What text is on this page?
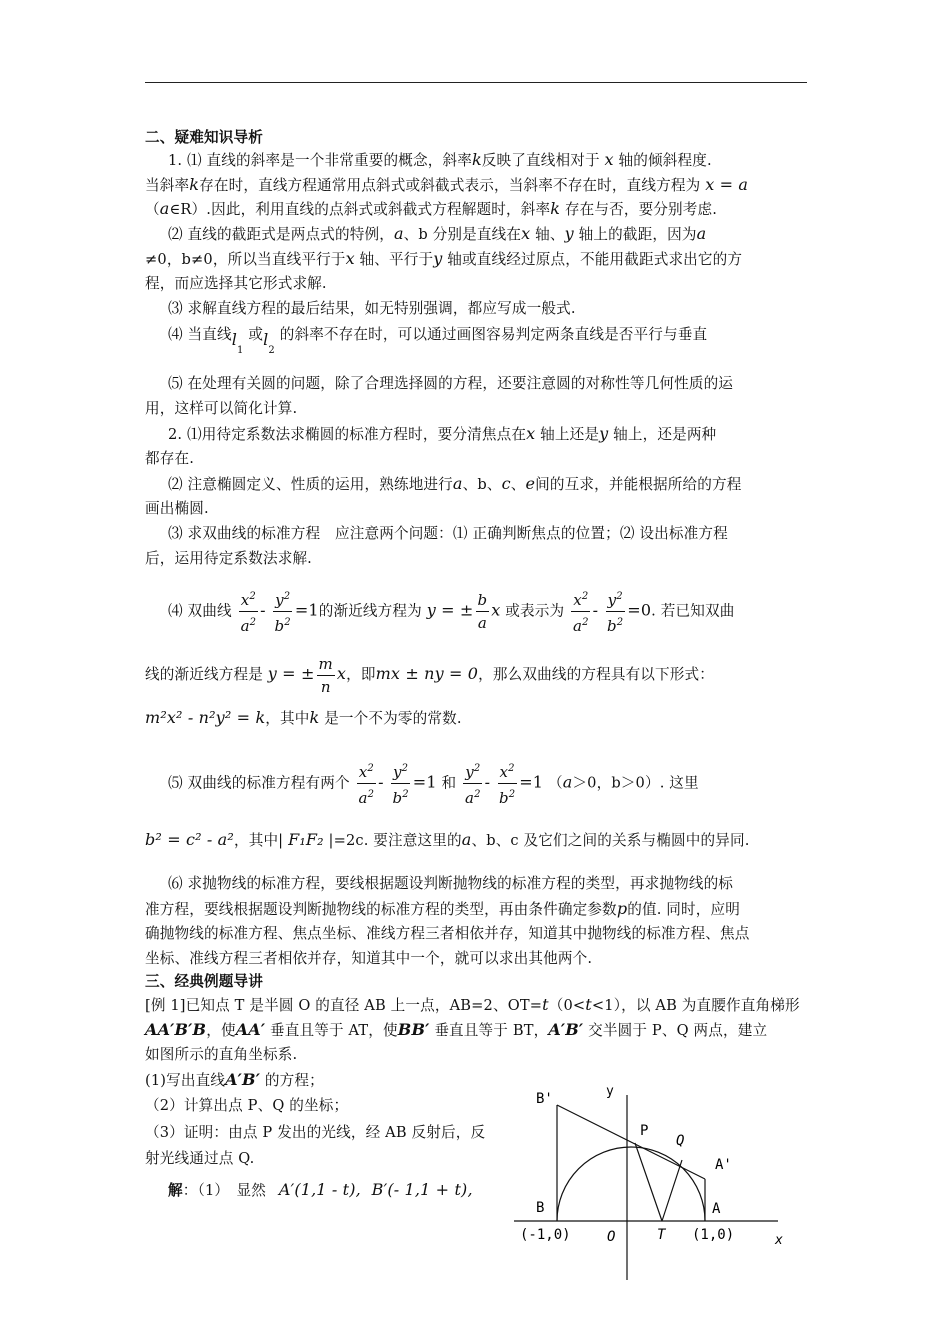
二、疑难知识导析
1. ⑴ 直线的斜率是一个非常重要的概念，斜率k反映了直线相对于 x 轴的倾斜程度.
当斜率k存在时，直线方程通常用点斜式或斜截式表示，当斜率不存在时，直线方程为 x = a
（a∈R）.因此，利用直线的点斜式或斜截式方程解题时，斜率k 存在与否，要分别考虑.
⑵ 直线的截距式是两点式的特例，a、b 分别是直线在x 轴、y 轴上的截距，因为a
≠0，b≠0，所以当直线平行于x 轴、平行于y 轴或直线经过原点，不能用截距式求出它的方
程，而应选择其它形式求解.
⑶ 求解直线方程的最后结果，如无特别强调，都应写成一般式.
⑷ 当直线$l_1$ 或$l_2$ 的斜率不存在时，可以通过画图容易判定两条直线是否平行与垂直
⑸ 在处理有关圆的问题，除了合理选择圆的方程，还要注意圆的对称性等几何性质的运
用，这样可以简化计算.
2. ⑴用待定系数法求椭圆的标准方程时，要分清焦点在x 轴上还是y 轴上，还是两种
都存在.
⑵ 注意椭圆定义、性质的运用，熟练地进行a、b、c、e间的互求，并能根据所给的方程
画出椭圆.
⑶ 求双曲线的标准方程　应注意两个问题：⑴ 正确判断焦点的位置；⑵ 设出标准方程
后，运用待定系数法求解.
⑷ 双曲线 $\frac{x^2}{a^2} - \frac{y^2}{b^2} =1$的渐近线方程为 y = ± $\frac{b}{a}$ x 或表示为 $\frac{x^2}{a^2} - \frac{y^2}{b^2} =0$. 若已知双曲
线的渐近线方程是 y = ± $\frac{m}{n}$ x，即mx ± ny = 0，那么双曲线的方程具有以下形式：
m²x² - n²y² = k，其中k 是一个不为零的常数.
⑸ 双曲线的标准方程有两个 $\frac{x^2}{a^2} - \frac{y^2}{b^2} =1$ 和 $\frac{y^2}{a^2} - \frac{x^2}{b^2} =1$ （a＞0，b＞0）. 这里
b² = c² - a²，其中| F₁F₂ |=2c. 要注意这里的a、b、c 及它们之间的关系与椭圆中的异同.
⑹ 求抛物线的标准方程，要线根据题设判断抛物线的标准方程的类型，再求抛物线的标
准方程，要线根据题设判断抛物线的标准方程的类型，再由条件确定参数p的值. 同时，应明
确抛物线的标准方程、焦点坐标、准线方程三者相依并存，知道其中抛物线的标准方程、焦点
坐标、准线方程三者相依并存，知道其中一个，就可以求出其他两个.
三、经典例题导讲
[例 1]已知点 T 是半圆 O 的直径 AB 上一点，AB=2、OT=t（0<t<1），以 AB 为直腰作直角梯形
AA′B′B，使AA′ 垂直且等于 AT，使BB′ 垂直且等于 BT，A′B′ 交半圆于 P、Q 两点，建立
如图所示的直角坐标系.
(1)写出直线A′B′ 的方程；
（2）计算出点 P、Q 的坐标；
（3）证明：由点 P 发出的光线，经 AB 反射后，反
射光线通过点 Q.
解：（1）　显然 A′(1,1 - t), B′(- 1,1 + t),
y
B'
P
Q
A'
B	A
(-1,0)	O	T (1,0)	x
